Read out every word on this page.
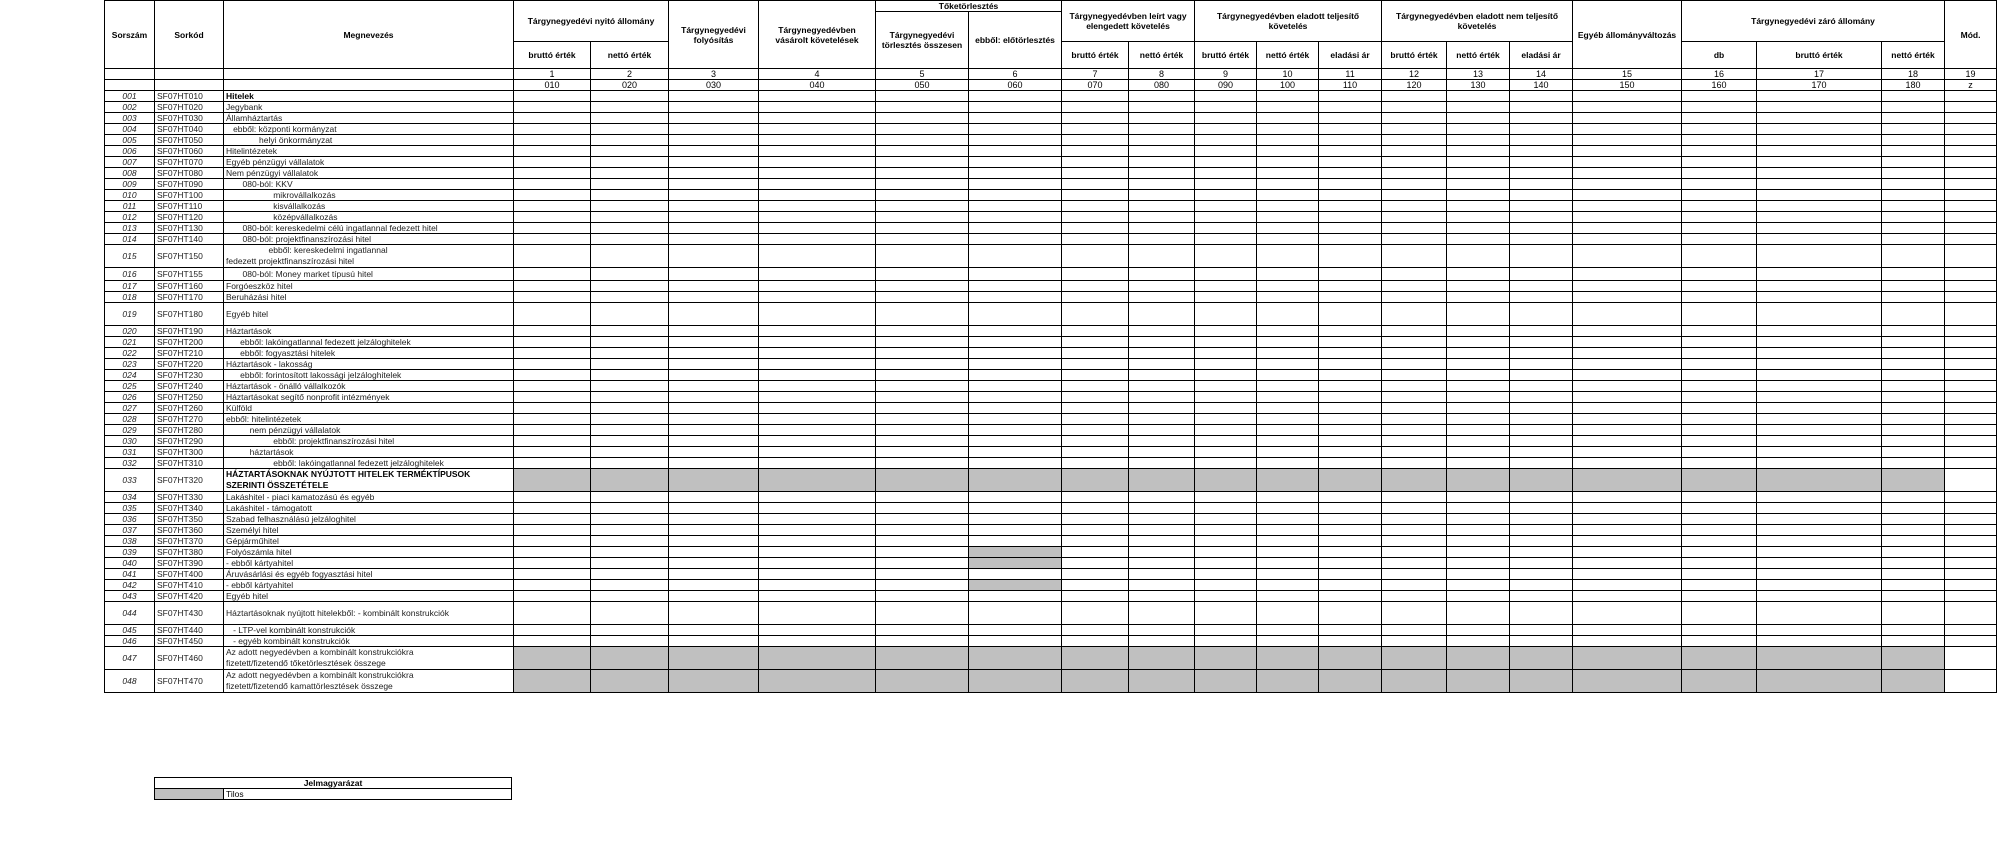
Sorszám	Sorkód	Megnevezés	Tárgynegyedévi nyitó állomány		Tárgynegyedévi folyósítás	Tárgynegyedévben vásárolt követelések	Tőketörlesztés		Tárgynegyedévben leírt vagy elengedett követelés		Tárgynegyedévben eladott teljesítő követelés			Tárgynegyedévben eladott nem teljesítő követelés			Egyéb állományváltozás	Tárgynegyedévi záró állomány			Mód.
							Tárgynegyedévi törlesztés összesen	ebből: előtörlesztés													
			bruttó érték	nettó érték					bruttó érték	nettó érték	bruttó érték	nettó érték	eladási ár	bruttó érték	nettó érték	eladási ár		db	bruttó érték	nettó érték	
			1	2	3	4	5	6	7	8	9	10	11	12	13	14	15	16	17	18	19
			010	020	030	040	050	060	070	080	090	100	110	120	130	140	150	160	170	180	z
001	SF07HT010	Hitelek																			
002	SF07HT020	Jegybank																			
003	SF07HT030	Államháztartás																			
004	SF07HT040	ebből: központi kormányzat																			
005	SF07HT050	helyi önkormányzat																			
006	SF07HT060	Hitelintézetek																			
007	SF07HT070	Egyéb pénzügyi vállalatok																			
008	SF07HT080	Nem pénzügyi vállalatok																			
009	SF07HT090	080-ból: KKV																			
010	SF07HT100	mikrovállalkozás																			
011	SF07HT110	kisvállalkozás																			
012	SF07HT120	középvállalkozás																			
013	SF07HT130	080-ból: kereskedelmi célú ingatlannal fedezett hitel																			
014	SF07HT140	080-ból: projektfinanszírozási hitel																			
015	SF07HT150	ebből: kereskedelmi ingatlannal
fedezett projektfinanszírozási hitel																			
016	SF07HT155	080-ból: Money market típusú hitel																			
017	SF07HT160	Forgóeszköz hitel																			
018	SF07HT170	Beruházási hitel																			
019	SF07HT180	Egyéb hitel																			
020	SF07HT190	Háztartások																			
021	SF07HT200	ebből: lakóingatlannal fedezett jelzáloghitelek																			
022	SF07HT210	ebből: fogyasztási hitelek																			
023	SF07HT220	Háztartások - lakosság																			
024	SF07HT230	ebből: forintosított lakossági jelzáloghitelek																			
025	SF07HT240	Háztartások - önálló vállalkozók																			
026	SF07HT250	Háztartásokat segítő nonprofit intézmények																			
027	SF07HT260	Külföld																			
028	SF07HT270	ebből: hitelintézetek																			
029	SF07HT280	nem pénzügyi vállalatok																			
030	SF07HT290	ebből: projektfinanszírozási hitel																			
031	SF07HT300	háztartások																			
032	SF07HT310	ebből: lakóingatlannal fedezett jelzáloghitelek																			
033	SF07HT320	HÁZTARTÁSOKNAK NYÚJTOTT HITELEK TERMÉKTÍPUSOK
SZERINTI ÖSSZETÉTELE																			
034	SF07HT330	Lakáshitel - piaci kamatozású és egyéb																			
035	SF07HT340	Lakáshitel - támogatott																			
036	SF07HT350	Szabad felhasználású jelzáloghitel																			
037	SF07HT360	Személyi hitel																			
038	SF07HT370	Gépjárműhitel																			
039	SF07HT380	Folyószámla hitel																			
040	SF07HT390	- ebből kártyahitel																			
041	SF07HT400	Áruvásárlási és egyéb fogyasztási hitel																			
042	SF07HT410	- ebből kártyahitel																			
043	SF07HT420	Egyéb hitel																			
044	SF07HT430	Háztartásoknak nyújtott hitelekből: - kombinált konstrukciók																			
045	SF07HT440	- LTP-vel kombinált konstrukciók																			
046	SF07HT450	- egyéb kombinált konstrukciók																			
047	SF07HT460	Az adott negyedévben a kombinált konstrukciókra
fizetett/fizetendő tőketörlesztések összege																			
048	SF07HT470	Az adott negyedévben a kombinált konstrukciókra
fizetett/fizetendő kamattörlesztések összege																			
Jelmagyarázat
	Tilos
